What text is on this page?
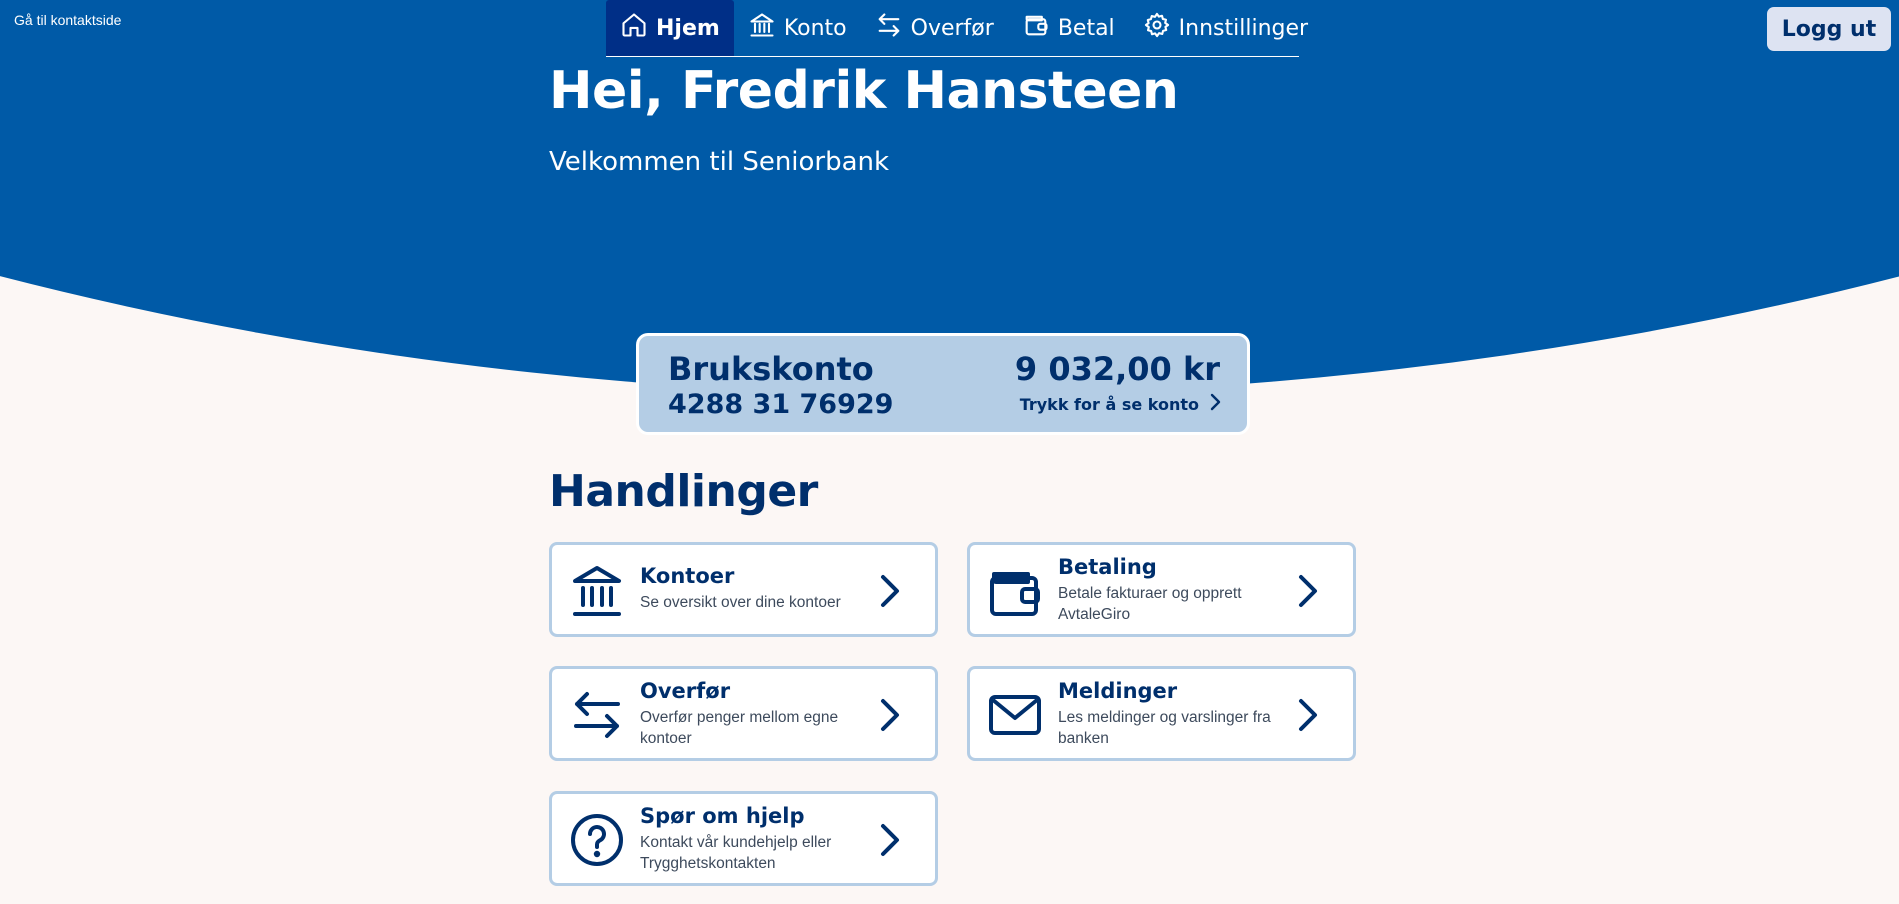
Gå til kontaktside	Hjem	Konto	Overfør	Betal	Innstillinger	Logg ut
Hei, Fredrik Hansteen

Velkommen til Seniorbank

Brukskonto
4288 31 76929
9 032,00 kr
Trykk for å se konto
Handlinger
Kontoer
Se oversikt over dine kontoer
Betaling
Betale fakturaer og opprett AvtaleGiro
Overfør
Overfør penger mellom egne kontoer
Meldinger
Les meldinger og varslinger fra banken
Spør om hjelp
Kontakt vår kundehjelp eller Trygghetskontakten
